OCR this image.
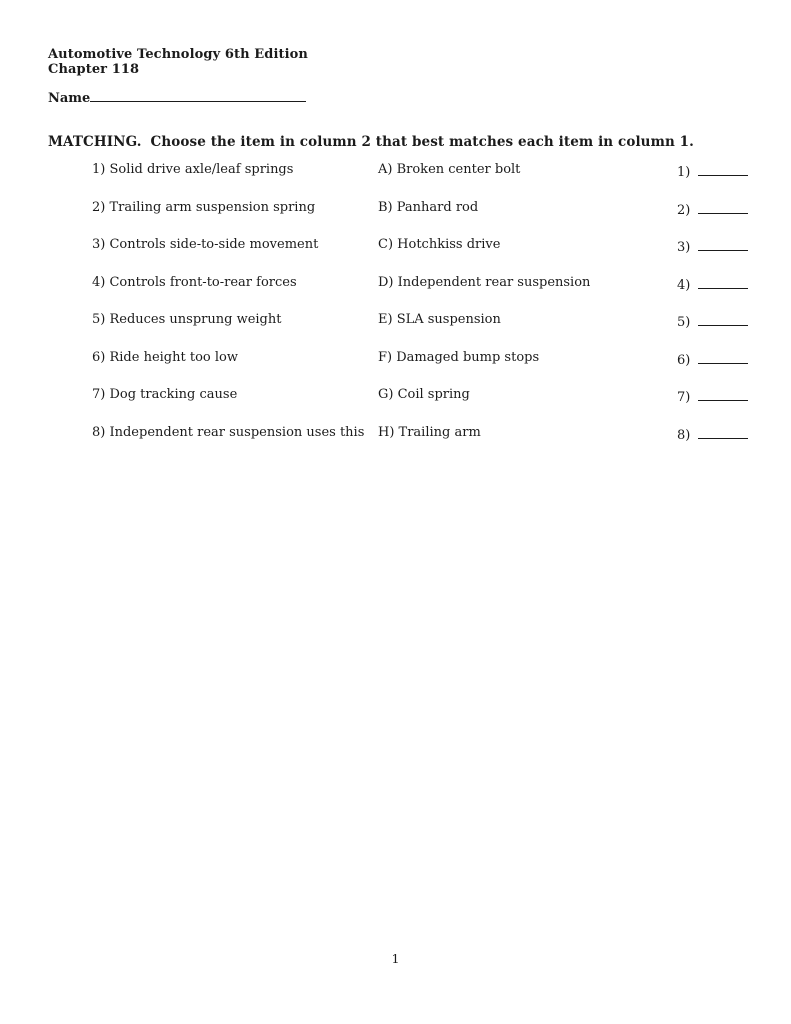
Automotive Technology 6th Edition
Chapter 118
Name
MATCHING. Choose the item in column 2 that best matches each item in column 1.
1) Solid drive axle/leaf springs	A) Broken center bolt	1)
2) Trailing arm suspension spring	B) Panhard rod	2)
3) Controls side-to-side movement	C) Hotchkiss drive	3)
4) Controls front-to-rear forces	D) Independent rear suspension	4)
5) Reduces unsprung weight	E) SLA suspension	5)
6) Ride height too low	F) Damaged bump stops	6)
7) Dog tracking cause	G) Coil spring	7)
8) Independent rear suspension uses this H) Trailing arm	8)
1
